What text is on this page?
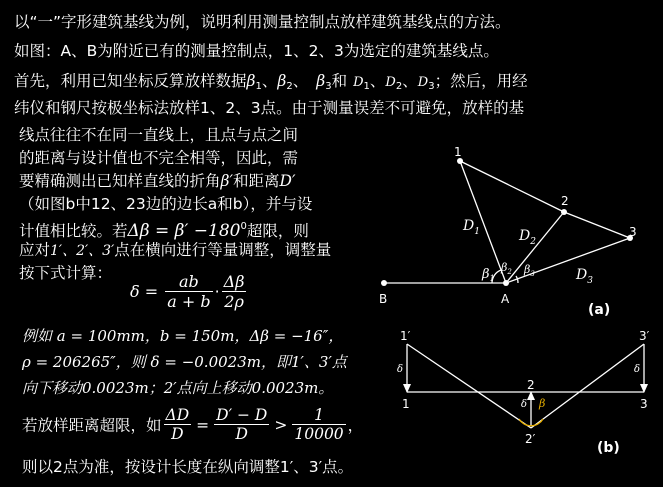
以“一”字形建筑基线为例，说明利用测量控制点放样建筑基线点的方法。
如图：A、B为附近已有的测量控制点，1、2、3为选定的建筑基线点。
首先，利用已知坐标反算放样数据$\beta_1$、$\beta_2$、 $\beta_3$和 $D_1$、$D_2$、$D_3$；然后，用经
纬仪和钢尺按极坐标法放样1、2、3点。由于测量误差不可避免，放样的基
线点往往不在同一直线上，且点与点之间
的距离与设计值也不完全相等，因此，需
要精确测出已知样直线的折角β′和距离D′
（如图b中12、23边的边长a和b），并与设
计值相比较。若$\Delta\beta = \beta' -180^0$超限，则
应对1′、2′、3′点在横向进行等量调整，调整量
按下式计算：
$\delta = \frac{ab}{a + b} \cdot \frac{\Delta\beta}{2\rho}$
例如 a = 100mm，b = 150m，Δβ = −16″，
ρ = 206265″，则 δ = −0.0023m，即1′、3′点
向下移动0.0023m；2′点向上移动0.0023m。
若放样距离超限，如 $\frac{\Delta D}{D} = \frac{D' - D}{D} > \frac{1}{10000}$ ，
则以2点为准，按设计长度在纵向调整1′、3′点。
1
2
3
A
B
$D_1$	$D_2$
$D_3$
$\beta_1$
$\beta_2$ $\beta_3$
(a)
1′	3′
1
2
3
2′
δ	δ
δ β
(b)
